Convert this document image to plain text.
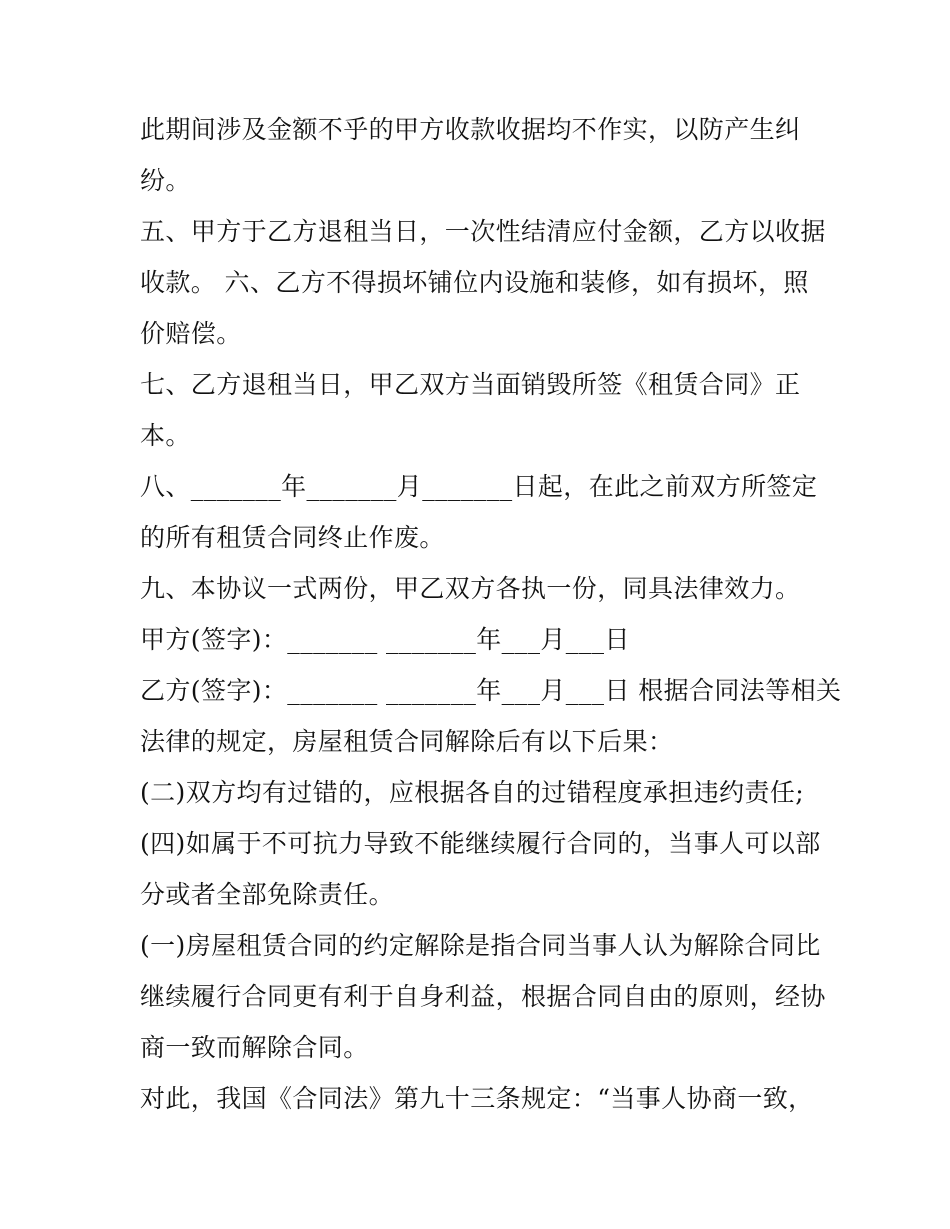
此期间涉及金额不乎的甲方收款收据均不作实，以防产生纠
纷。
五、甲方于乙方退租当日，一次性结清应付金额，乙方以收据
收款。 六、乙方不得损坏铺位内设施和装修，如有损坏，照
价赔偿。
七、乙方退租当日，甲乙双方当面销毁所签《租赁合同》正
本。
八、_______年_______月_______日起，在此之前双方所签定
的所有租赁合同终止作废。
九、本协议一式两份，甲乙双方各执一份，同具法律效力。
甲方(签字)：_______ _______年___月___日
乙方(签字)：_______ _______年___月___日 根据合同法等相关
法律的规定，房屋租赁合同解除后有以下后果：
(二)双方均有过错的，应根据各自的过错程度承担违约责任;
(四)如属于不可抗力导致不能继续履行合同的，当事人可以部
分或者全部免除责任。
(一)房屋租赁合同的约定解除是指合同当事人认为解除合同比
继续履行合同更有利于自身利益，根据合同自由的原则，经协
商一致而解除合同。
对此，我国《合同法》第九十三条规定：“当事人协商一致，
